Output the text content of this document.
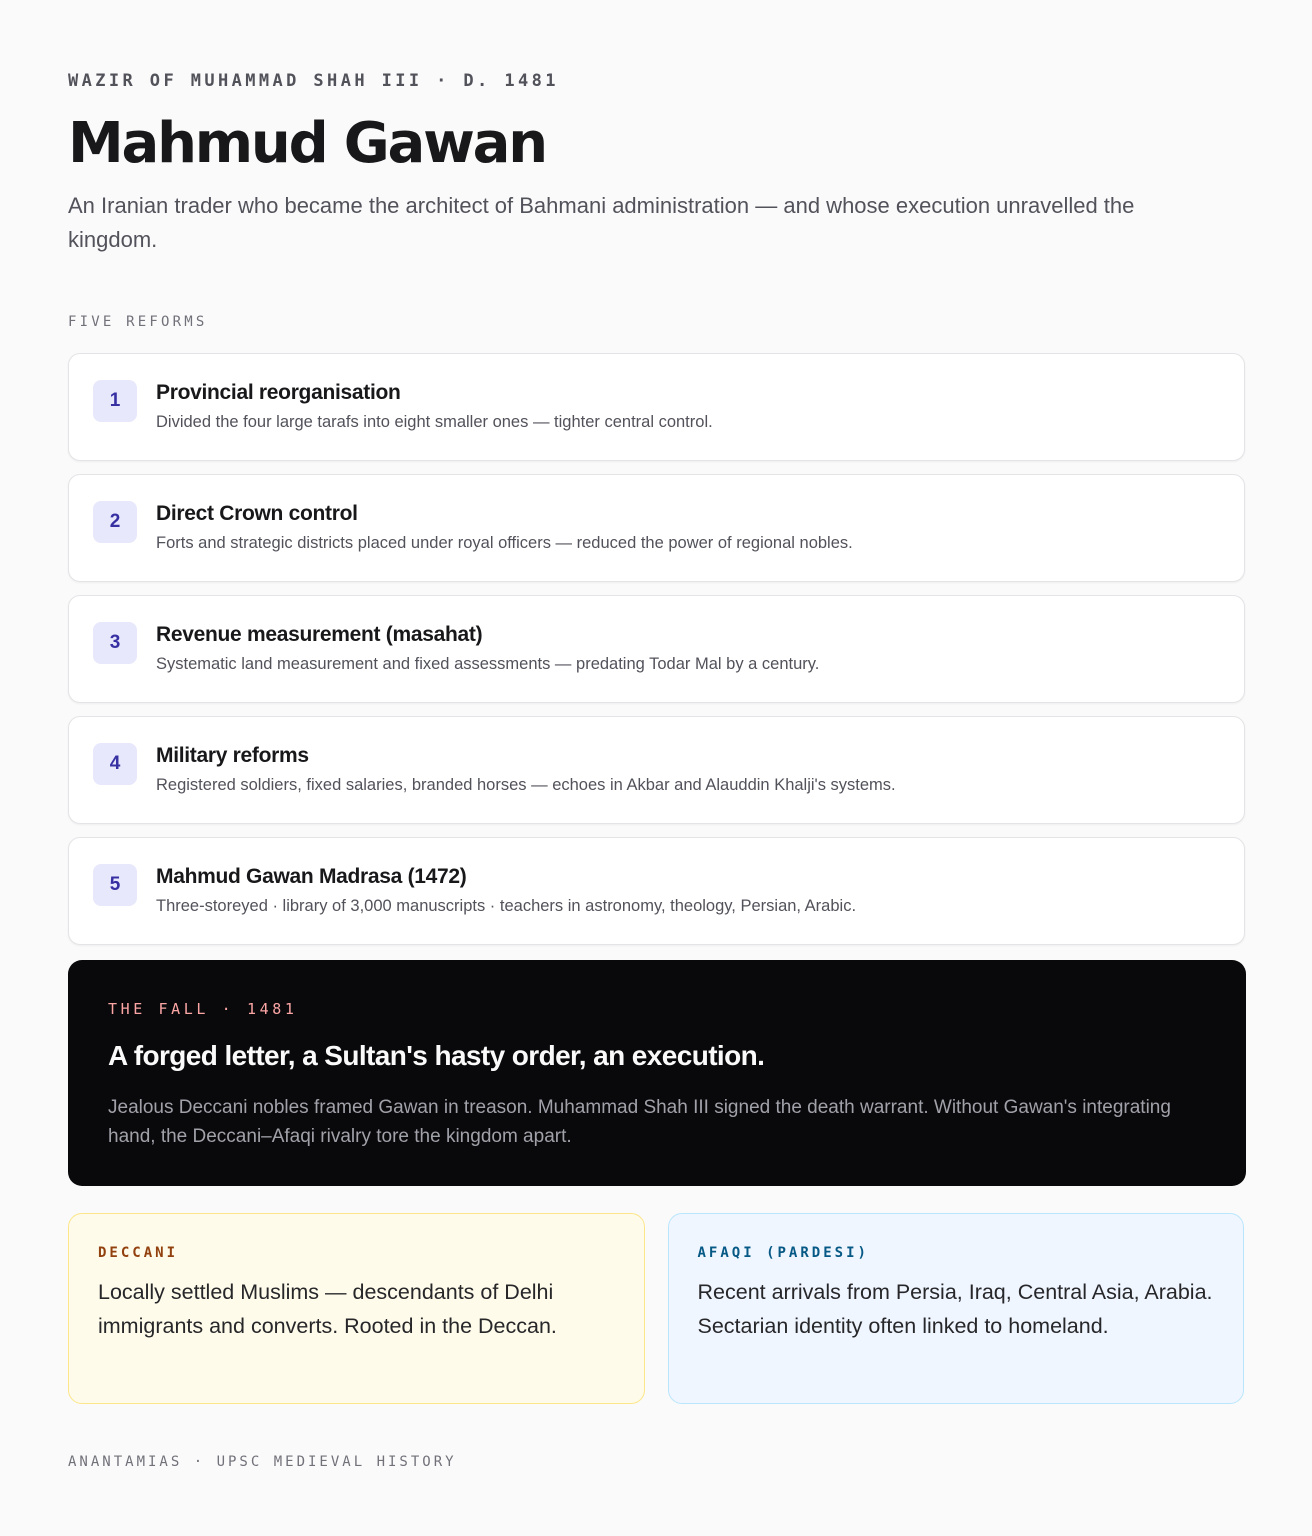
WAZIR OF MUHAMMAD SHAH III · D. 1481
Mahmud Gawan

An Iranian trader who became the architect of Bahmani administration — and whose execution unravelled the kingdom.

FIVE REFORMS
1	Provincial reorganisation
Divided the four large tarafs into eight smaller ones — tighter central control.
2	Direct Crown control
Forts and strategic districts placed under royal officers — reduced the power of regional nobles.
3	Revenue measurement (masahat)
Systematic land measurement and fixed assessments — predating Todar Mal by a century.
4	Military reforms
Registered soldiers, fixed salaries, branded horses — echoes in Akbar and Alauddin Khalji's systems.
5	Mahmud Gawan Madrasa (1472)
Three-storeyed · library of 3,000 manuscripts · teachers in astronomy, theology, Persian, Arabic.
THE FALL · 1481
A forged letter, a Sultan's hasty order, an execution.
Jealous Deccani nobles framed Gawan in treason. Muhammad Shah III signed the death warrant. Without Gawan's integrating hand, the Deccani–Afaqi rivalry tore the kingdom apart.
DECCANI
Locally settled Muslims — descendants of Delhi immigrants and converts. Rooted in the Deccan.
AFAQI (PARDESI)
Recent arrivals from Persia, Iraq, Central Asia, Arabia. Sectarian identity often linked to homeland.
ANANTAMIAS · UPSC MEDIEVAL HISTORY
